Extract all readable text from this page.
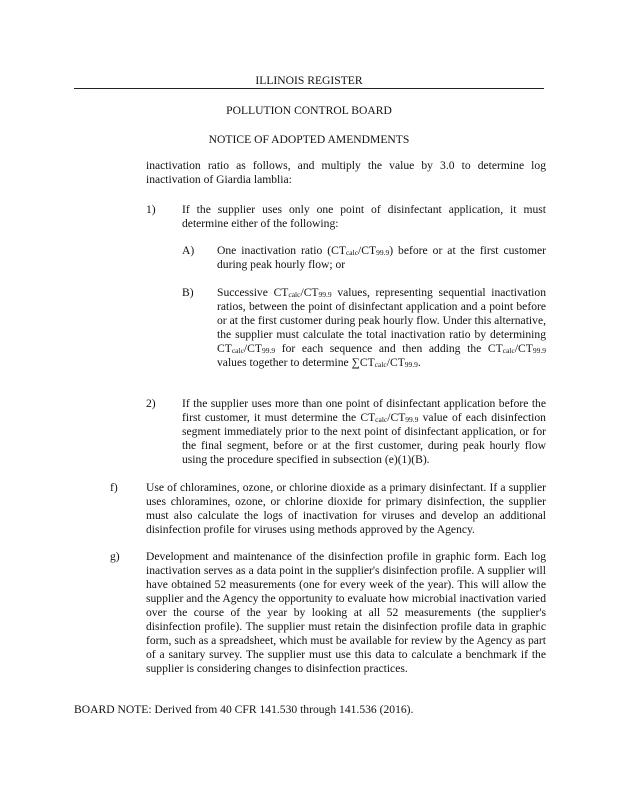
ILLINOIS REGISTER
POLLUTION CONTROL BOARD
NOTICE OF ADOPTED AMENDMENTS

inactivation ratio as follows, and multiply the value by 3.0 to determine log inactivation of Giardia lamblia:

1) If the supplier uses only one point of disinfectant application, it must determine either of the following:

A) One inactivation ratio $(CT_{calc}/CT_{99.9})$ before or at the first customer during peak hourly flow; or

B) Successive $CT_{calc}/CT_{99.9}$ values, representing sequential inactivation ratios, between the point of disinfectant application and a point before or at the first customer during peak hourly flow. Under this alternative, the supplier must calculate the total inactivation ratio by determining $CT_{calc}/CT_{99.9}$ for each sequence and then adding the $CT_{calc}/CT_{99.9}$ values together to determine $\sum CT_{calc}/CT_{99.9}$.

2) If the supplier uses more than one point of disinfectant application before the first customer, it must determine the $CT_{calc}/CT_{99.9}$ value of each disinfection segment immediately prior to the next point of disinfectant application, or for the final segment, before or at the first customer, during peak hourly flow using the procedure specified in subsection (e)(1)(B).

f) Use of chloramines, ozone, or chlorine dioxide as a primary disinfectant. If a supplier uses chloramines, ozone, or chlorine dioxide for primary disinfection, the supplier must also calculate the logs of inactivation for viruses and develop an additional disinfection profile for viruses using methods approved by the Agency.

g) Development and maintenance of the disinfection profile in graphic form. Each log inactivation serves as a data point in the supplier's disinfection profile. A supplier will have obtained 52 measurements (one for every week of the year). This will allow the supplier and the Agency the opportunity to evaluate how microbial inactivation varied over the course of the year by looking at all 52 measurements (the supplier's disinfection profile). The supplier must retain the disinfection profile data in graphic form, such as a spreadsheet, which must be available for review by the Agency as part of a sanitary survey. The supplier must use this data to calculate a benchmark if the supplier is considering changes to disinfection practices.

BOARD NOTE: Derived from 40 CFR 141.530 through 141.536 (2016).
